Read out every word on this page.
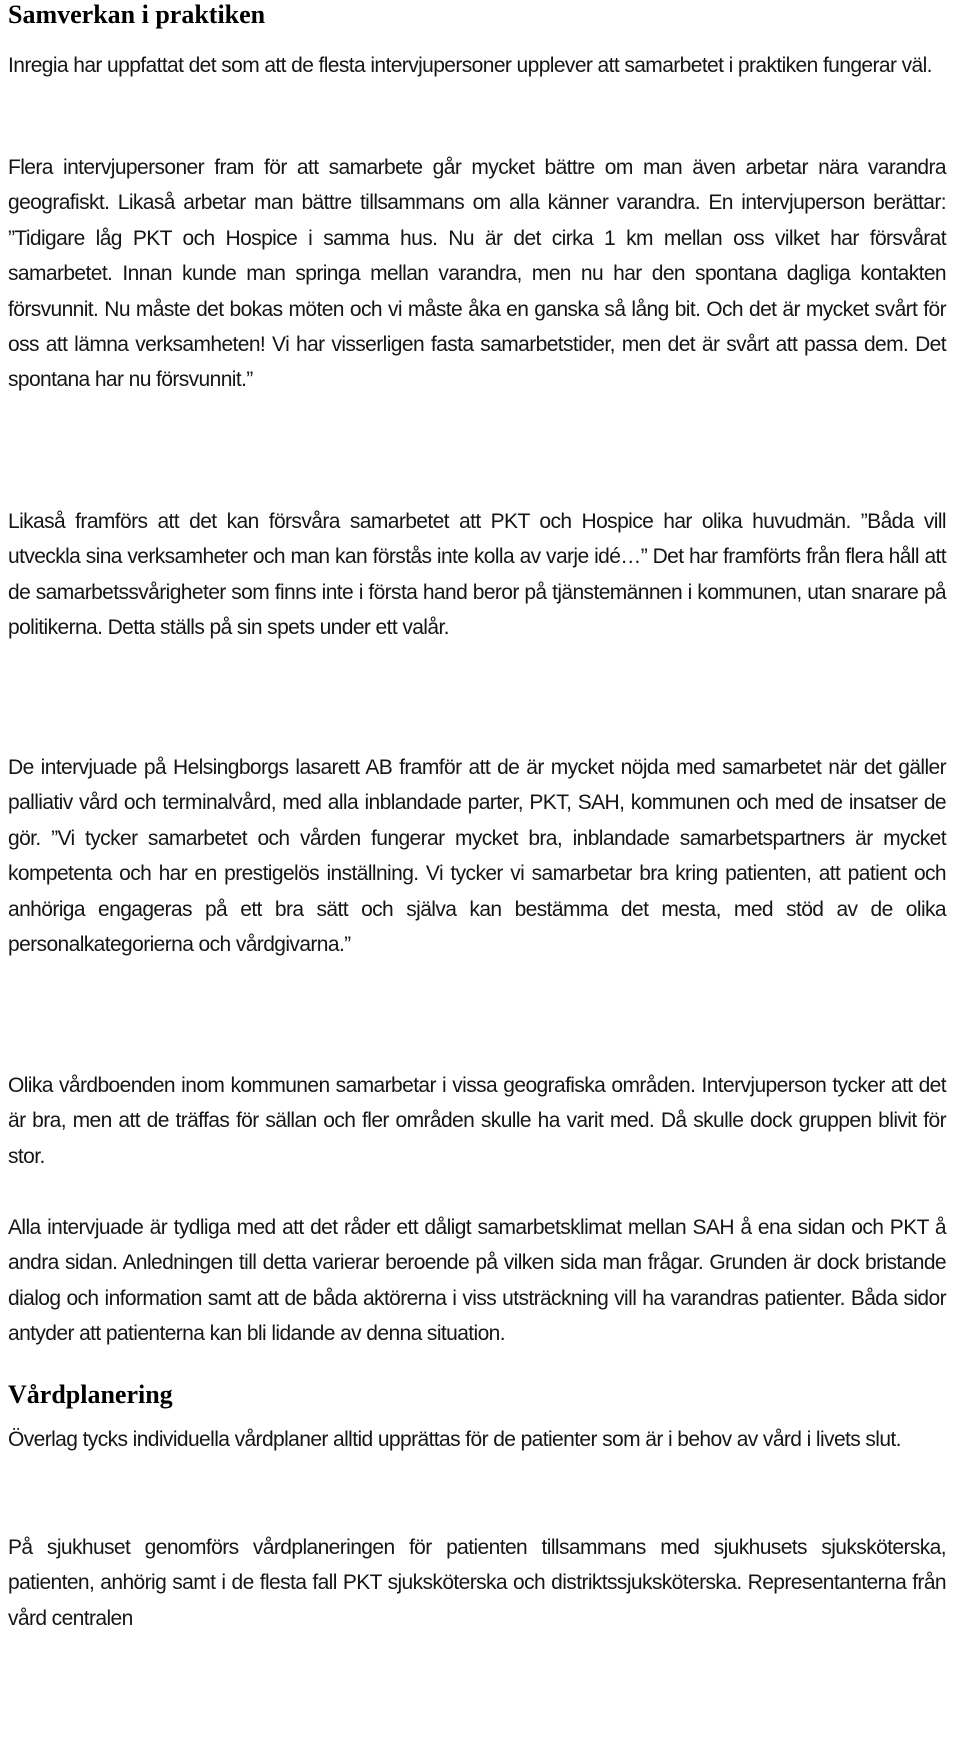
Samverkan i praktiken

Inregia har uppfattat det som att de flesta intervjupersoner upplever att samarbetet i praktiken fungerar väl.

Flera intervjupersoner fram för att samarbete går mycket bättre om man även arbetar nära varandra geografiskt. Likaså arbetar man bättre tillsammans om alla känner varandra. En intervjuperson berättar: ”Tidigare låg PKT och Hospice i samma hus. Nu är det cirka 1 km mellan oss vilket har försvårat samarbetet. Innan kunde man springa mellan varandra, men nu har den spontana dagliga kontakten försvunnit. Nu måste det bokas möten och vi måste åka en ganska så lång bit. Och det är mycket svårt för oss att lämna verksamheten! Vi har visserligen fasta samarbetstider, men det är svårt att passa dem. Det spontana har nu försvunnit.”

Likaså framförs att det kan försvåra samarbetet att PKT och Hospice har olika huvudmän. ”Båda vill utveckla sina verksamheter och man kan förstås inte kolla av varje idé…” Det har framförts från flera håll att de samarbetssvårigheter som finns inte i första hand beror på tjänstemännen i kommunen, utan snarare på politikerna. Detta ställs på sin spets under ett valår.

De intervjuade på Helsingborgs lasarett AB framför att de är mycket nöjda med samarbetet när det gäller palliativ vård och terminalvård, med alla inblandade parter, PKT, SAH, kommunen och med de insatser de gör. ”Vi tycker samarbetet och vården fungerar mycket bra, inblandade samarbetspartners är mycket kompetenta och har en prestigelös inställning. Vi tycker vi samarbetar bra kring patienten, att patient och anhöriga engageras på ett bra sätt och själva kan bestämma det mesta, med stöd av de olika personalkategorierna och vårdgivarna.”

Olika vårdboenden inom kommunen samarbetar i vissa geografiska områden. Intervjuperson tycker att det är bra, men att de träffas för sällan och fler områden skulle ha varit med. Då skulle dock gruppen blivit för stor.

Alla intervjuade är tydliga med att det råder ett dåligt samarbetsklimat mellan SAH å ena sidan och PKT å andra sidan. Anledningen till detta varierar beroende på vilken sida man frågar. Grunden är dock bristande dialog och information samt att de båda aktörerna i viss utsträckning vill ha varandras patienter. Båda sidor antyder att patienterna kan bli lidande av denna situation.

Vårdplanering

Överlag tycks individuella vårdplaner alltid upprättas för de patienter som är i behov av vård i livets slut.

På sjukhuset genomförs vårdplaneringen för patienten tillsammans med sjukhusets sjuksköterska, patienten, anhörig samt i de flesta fall PKT sjuksköterska och distriktssjuksköterska. Representanterna från vård centralen
